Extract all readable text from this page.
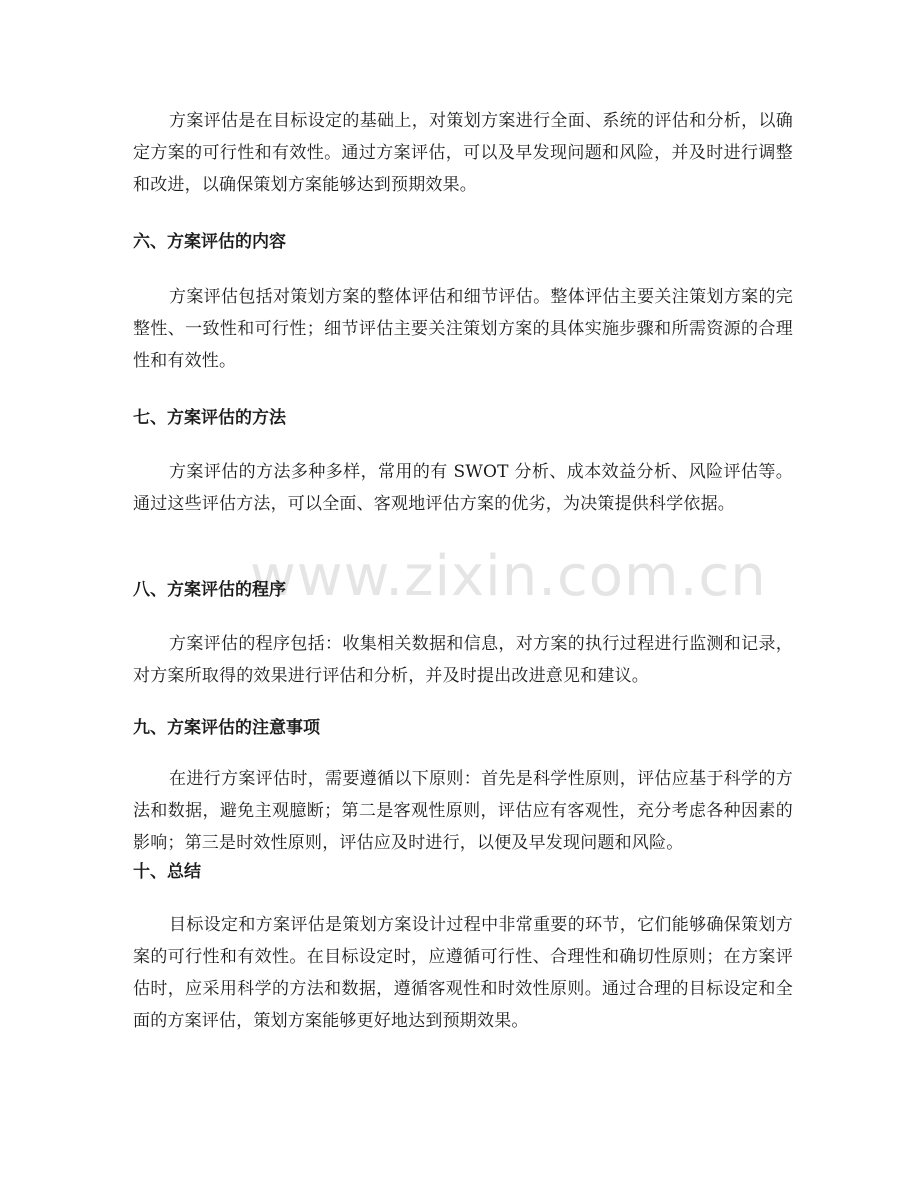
www.zixin.com.cn

方案评估是在目标设定的基础上，对策划方案进行全面、系统的评估和分析，以确定方案的可行性和有效性。通过方案评估，可以及早发现问题和风险，并及时进行调整和改进，以确保策划方案能够达到预期效果。

六、方案评估的内容

方案评估包括对策划方案的整体评估和细节评估。整体评估主要关注策划方案的完整性、一致性和可行性；细节评估主要关注策划方案的具体实施步骤和所需资源的合理性和有效性。

七、方案评估的方法

方案评估的方法多种多样，常用的有 SWOT 分析、成本效益分析、风险评估等。通过这些评估方法，可以全面、客观地评估方案的优劣，为决策提供科学依据。

八、方案评估的程序

方案评估的程序包括：收集相关数据和信息，对方案的执行过程进行监测和记录，对方案所取得的效果进行评估和分析，并及时提出改进意见和建议。

九、方案评估的注意事项

在进行方案评估时，需要遵循以下原则：首先是科学性原则，评估应基于科学的方法和数据，避免主观臆断；第二是客观性原则，评估应有客观性，充分考虑各种因素的影响；第三是时效性原则，评估应及时进行，以便及早发现问题和风险。

十、总结

目标设定和方案评估是策划方案设计过程中非常重要的环节，它们能够确保策划方案的可行性和有效性。在目标设定时，应遵循可行性、合理性和确切性原则；在方案评估时，应采用科学的方法和数据，遵循客观性和时效性原则。通过合理的目标设定和全面的方案评估，策划方案能够更好地达到预期效果。
